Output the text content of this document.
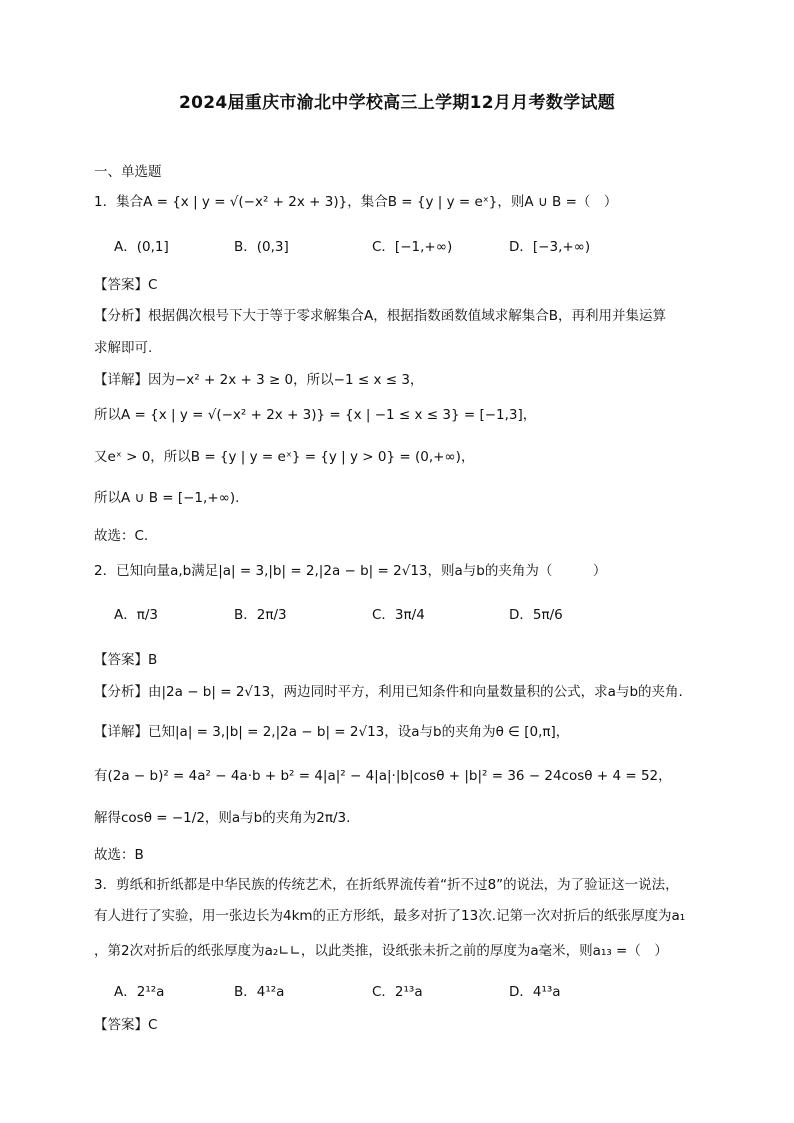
2024届重庆市渝北中学校高三上学期12月月考数学试题
一、单选题
1．集合A = {x | y = √(−x² + 2x + 3)}，集合B = {y | y = eˣ}，则A ∪ B =（　）
A．(0,1]	B．(0,3]	C．[−1,+∞)	D．[−3,+∞)
【答案】C
【分析】根据偶次根号下大于等于零求解集合A，根据指数函数值域求解集合B，再利用并集运算
求解即可.
【详解】因为−x² + 2x + 3 ≥ 0，所以−1 ≤ x ≤ 3，
所以A = {x | y = √(−x² + 2x + 3)} = {x | −1 ≤ x ≤ 3} = [−1,3]，
又eˣ > 0，所以B = {y | y = eˣ} = {y | y > 0} = (0,+∞)，
所以A ∪ B = [−1,+∞).
故选：C.
2．已知向量a,b满足|a| = 3,|b| = 2,|2a − b| = 2√13，则a与b的夹角为（　　　）
A．π/3	B．2π/3	C．3π/4	D．5π/6
【答案】B
【分析】由|2a − b| = 2√13，两边同时平方，利用已知条件和向量数量积的公式，求a与b的夹角.
【详解】已知|a| = 3,|b| = 2,|2a − b| = 2√13，设a与b的夹角为θ ∈ [0,π]，
有(2a − b)² = 4a² − 4a·b + b² = 4|a|² − 4|a|·|b|cosθ + |b|² = 36 − 24cosθ + 4 = 52，
解得cosθ = −1/2，则a与b的夹角为2π/3.
故选：B
3．剪纸和折纸都是中华民族的传统艺术，在折纸界流传着“折不过8”的说法，为了验证这一说法，
有人进行了实验，用一张边长为4km的正方形纸，最多对折了13次.记第一次对折后的纸张厚度为a₁
，第2次对折后的纸张厚度为a₂∟∟，以此类推，设纸张未折之前的厚度为a毫米，则a₁₃ =（　）
A．2¹²a	B．4¹²a	C．2¹³a	D．4¹³a
【答案】C
